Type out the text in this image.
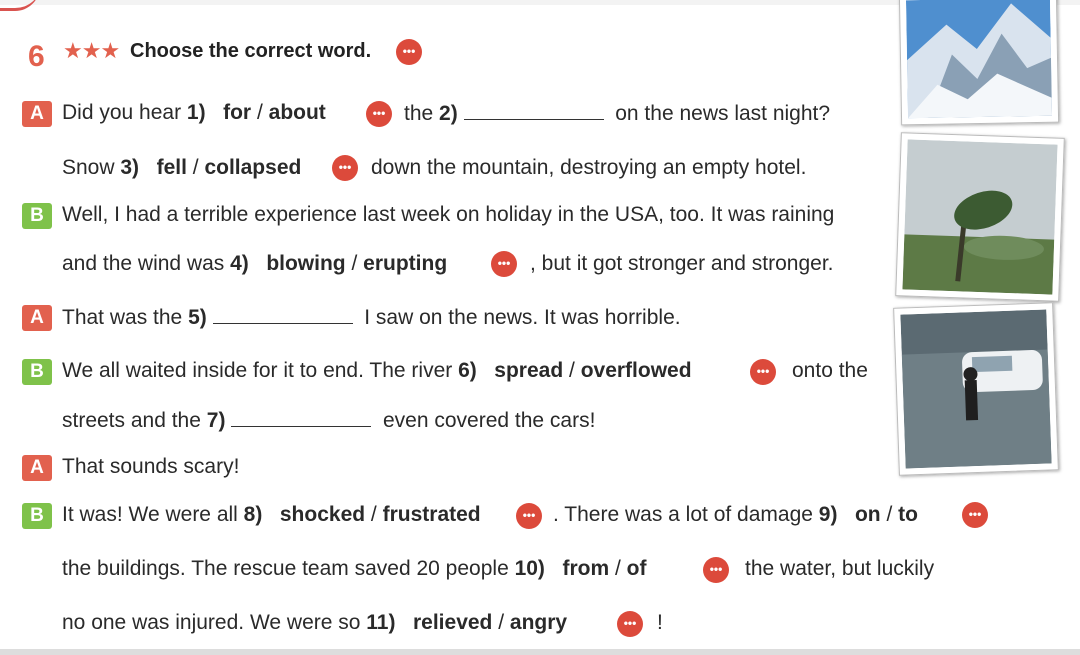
6 ★★★ Choose the correct word.	•••
A Did you hear 1) for / about	••• the 2)	on the news last night?
Snow 3) fell / collapsed	••• down the mountain, destroying an empty hotel.
B Well, I had a terrible experience last week on holiday in the USA, too. It was raining
and the wind was 4) blowing / erupting	••• , but it got stronger and stronger.
A That was the 5)	I saw on the news. It was horrible.
B We all waited inside for it to end. The river 6) spread / overflowed	•••	onto the
streets and the 7)	even covered the cars!
A That sounds scary!
B It was! We were all 8) shocked / frustrated	••• . There was a lot of damage 9) on / to	•••
the buildings. The rescue team saved 20 people 10) from / of	•••	the water, but luckily
no one was injured. We were so 11) relieved / angry	••• !
